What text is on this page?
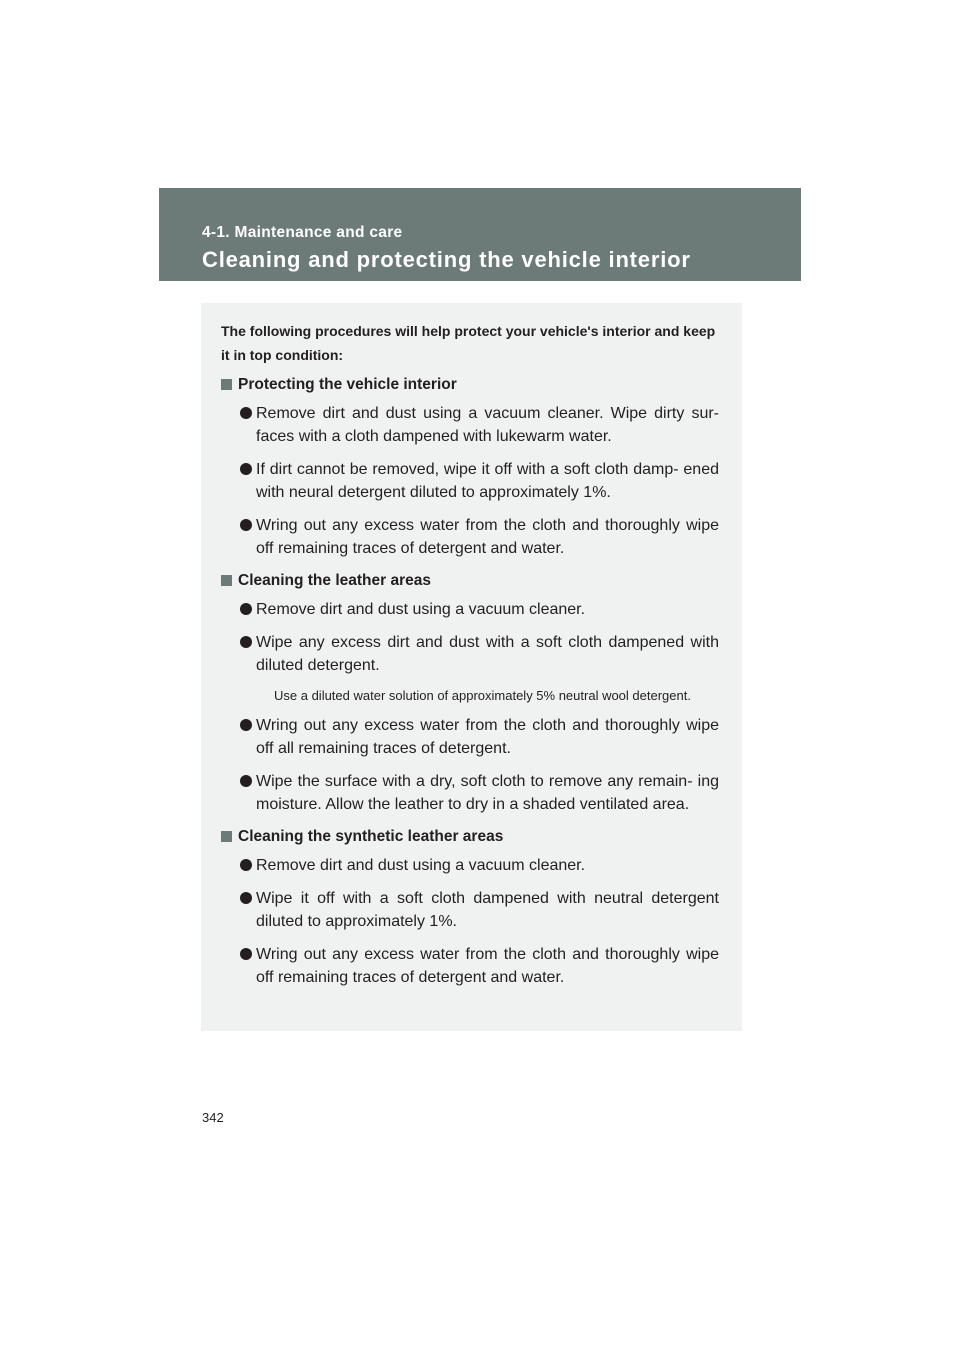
4-1. Maintenance and care
Cleaning and protecting the vehicle interior

The following procedures will help protect your vehicle's interior and keep it in top condition:

Protecting the vehicle interior
Remove dirt and dust using a vacuum cleaner. Wipe dirty sur- faces with a cloth dampened with lukewarm water.
If dirt cannot be removed, wipe it off with a soft cloth damp- ened with neural detergent diluted to approximately 1%.
Wring out any excess water from the cloth and thoroughly wipe off remaining traces of detergent and water.
Cleaning the leather areas
Remove dirt and dust using a vacuum cleaner.
Wipe any excess dirt and dust with a soft cloth dampened with diluted detergent.

Use a diluted water solution of approximately 5% neutral wool detergent.

Wring out any excess water from the cloth and thoroughly wipe off all remaining traces of detergent.
Wipe the surface with a dry, soft cloth to remove any remain- ing moisture. Allow the leather to dry in a shaded ventilated area.
Cleaning the synthetic leather areas
Remove dirt and dust using a vacuum cleaner.
Wipe it off with a soft cloth dampened with neutral detergent diluted to approximately 1%.
Wring out any excess water from the cloth and thoroughly wipe off remaining traces of detergent and water.
342
